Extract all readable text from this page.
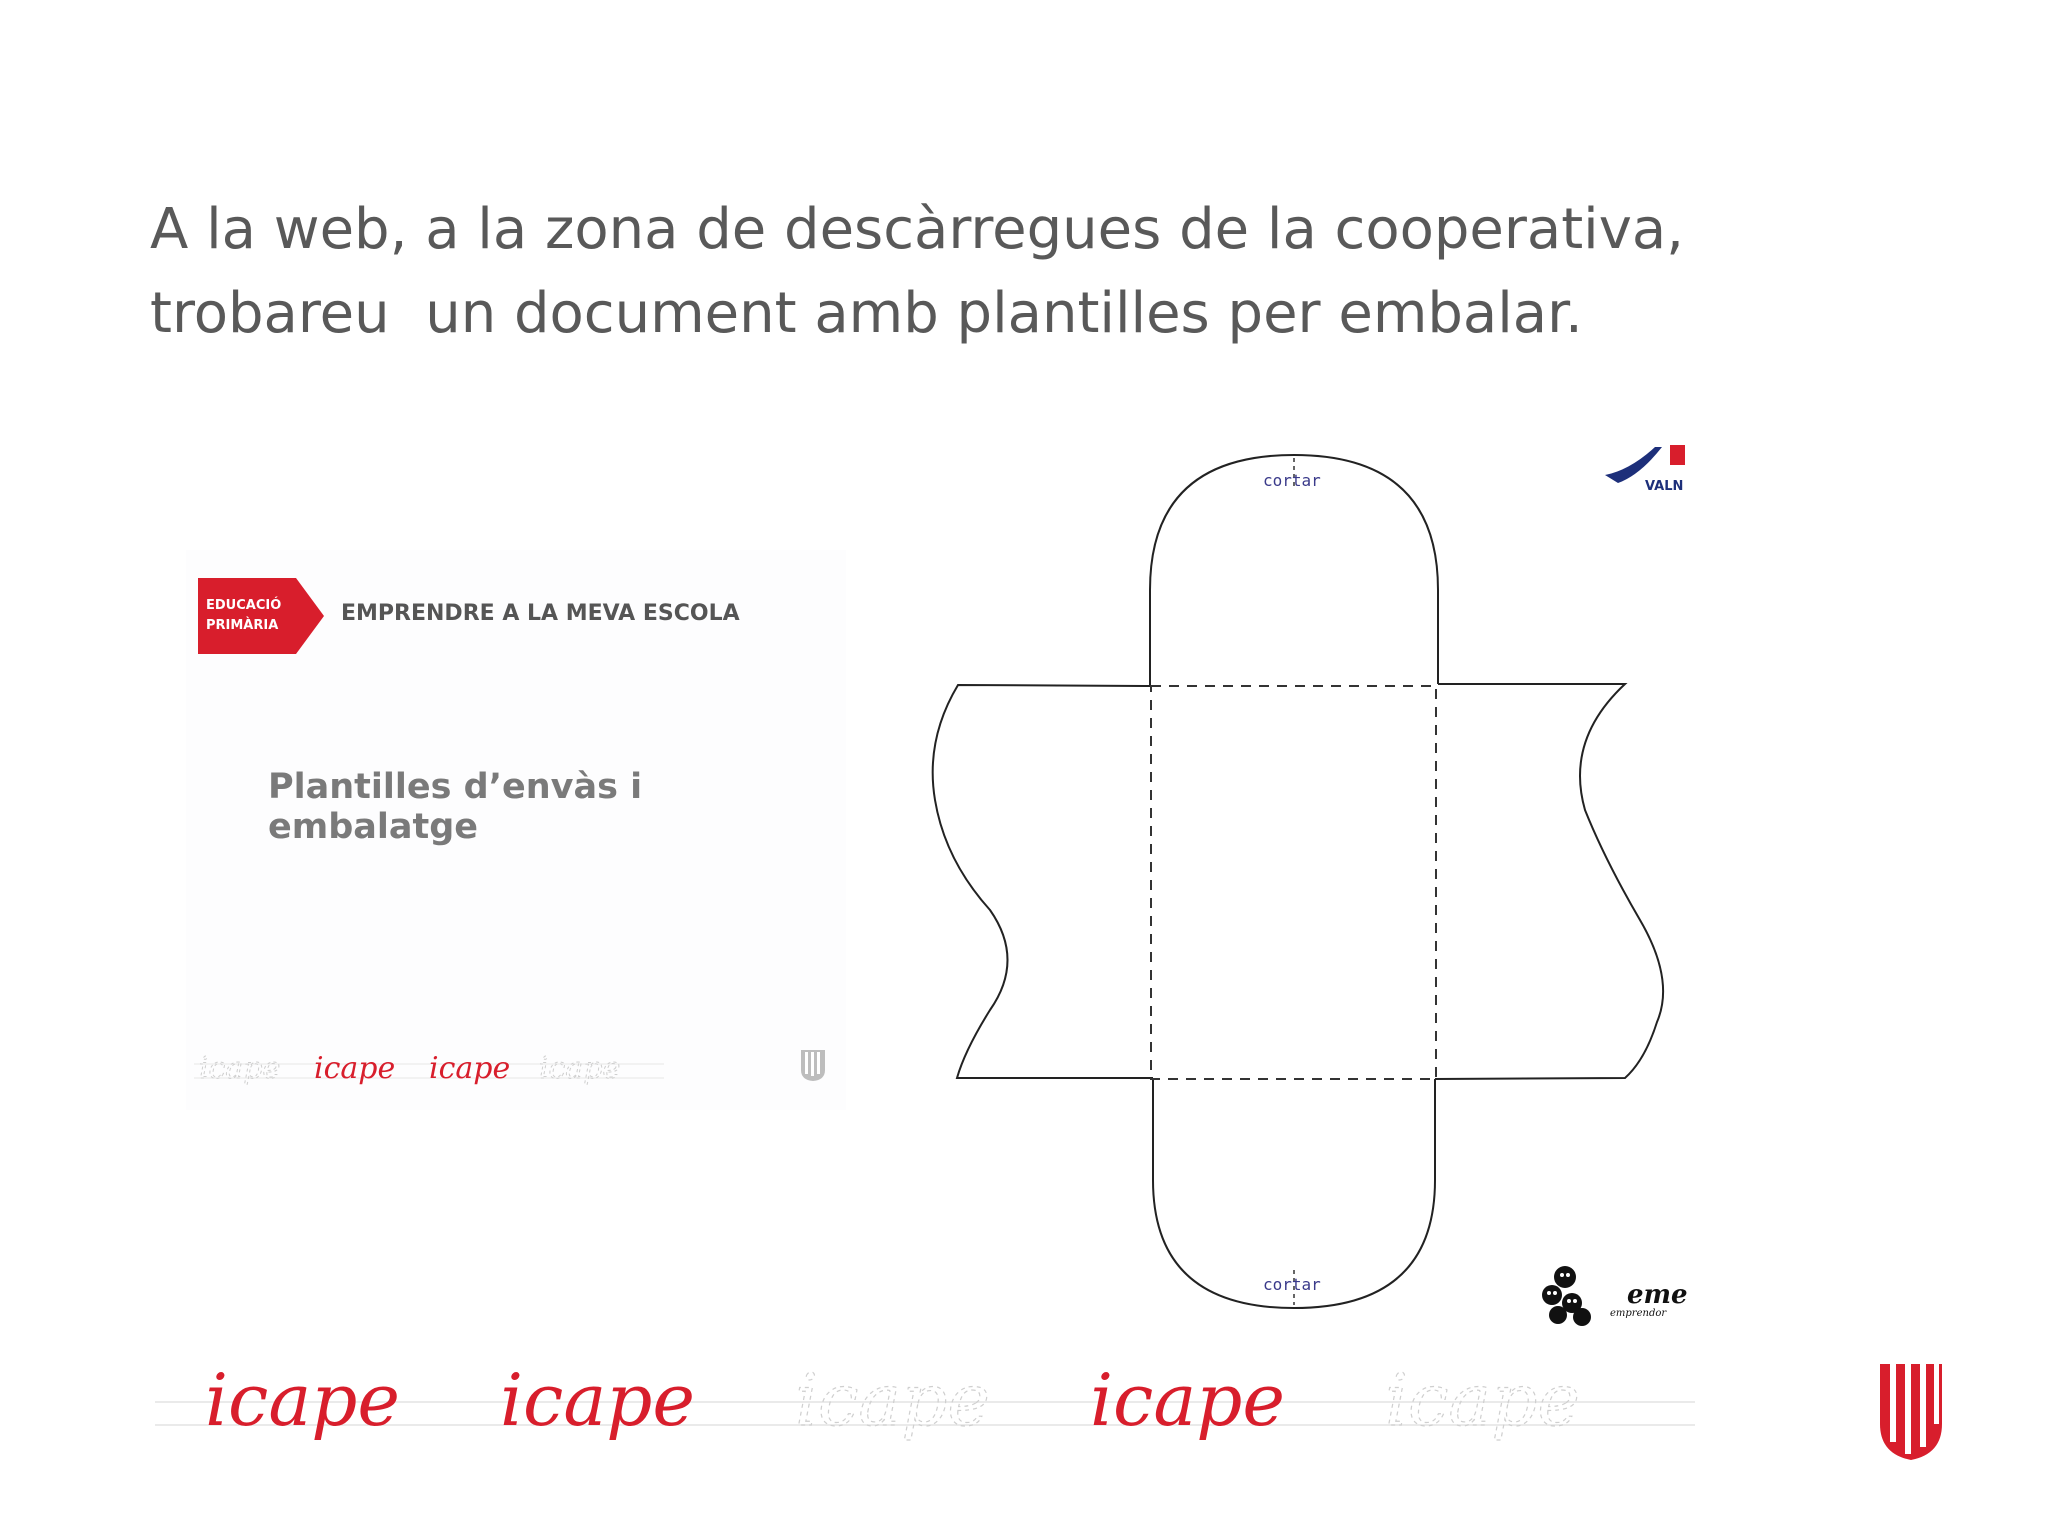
A la web, a la zona de descàrregues de la cooperativa,
trobareu  un document amb plantilles per embalar.
EDUCACIÓ
PRIMÀRIA	EMPRENDRE A LA MEVA ESCOLA
Plantilles d’envàs i embalatge
icape icape icape icape
cortar
cortar
VALN
eme
emprendor
icape icape icape icape icape
